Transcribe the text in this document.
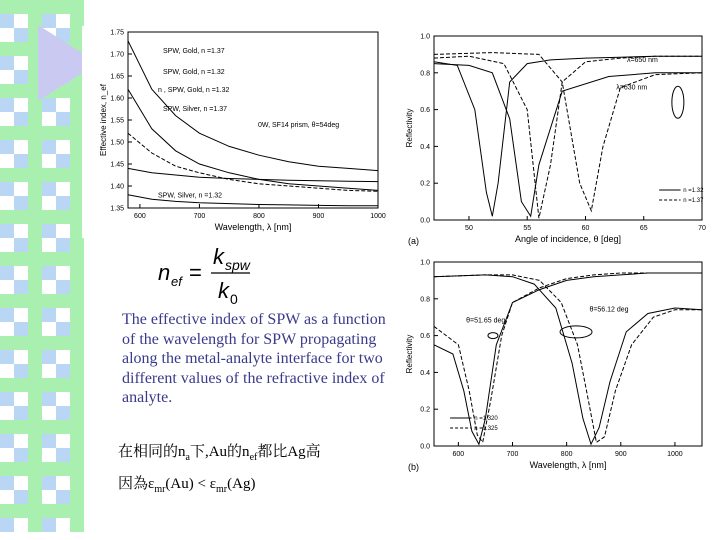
600	700	800	900	1000
1.35
1.40
1.45
1.50
1.55
1.60
1.65
1.70
1.75
Wavelength, λ [nm]
Effective index, n_ef
SPW, Gold, n =1.37
SPW, Gold, n =1.32
n , SPW, Gold, n =1.32
SPW, Silver, n =1.37
0W, SF14 prism, θ=54deg
SPW, Silver, n =1.32
n ef =
k spw
k 0
The effective index of SPW as a function of the wavelength for SPW propagating along the metal-analyte interface for two different values of the refractive index of analyte.
在相同的$n_a$下,Au的$n_{ef}$都比Ag高
因為$\varepsilon_{mr}(Au) < \varepsilon_{mr}(Ag)$
50	55	60	65	70
0.0
0.2
0.4
0.6
0.8
1.0
Angle of incidence, θ [deg]
Reflectivity
(a)
λ=650 nm
λ=630 nm
n =1.32
n =1.37
600	700	800	900	1000
0.0
0.2
0.4
0.6
0.8
1.0
Wavelength, λ [nm]
Reflectivity
(b)
θ=51.65 deg
θ=56.12 deg
n =1.320
n =1.325
